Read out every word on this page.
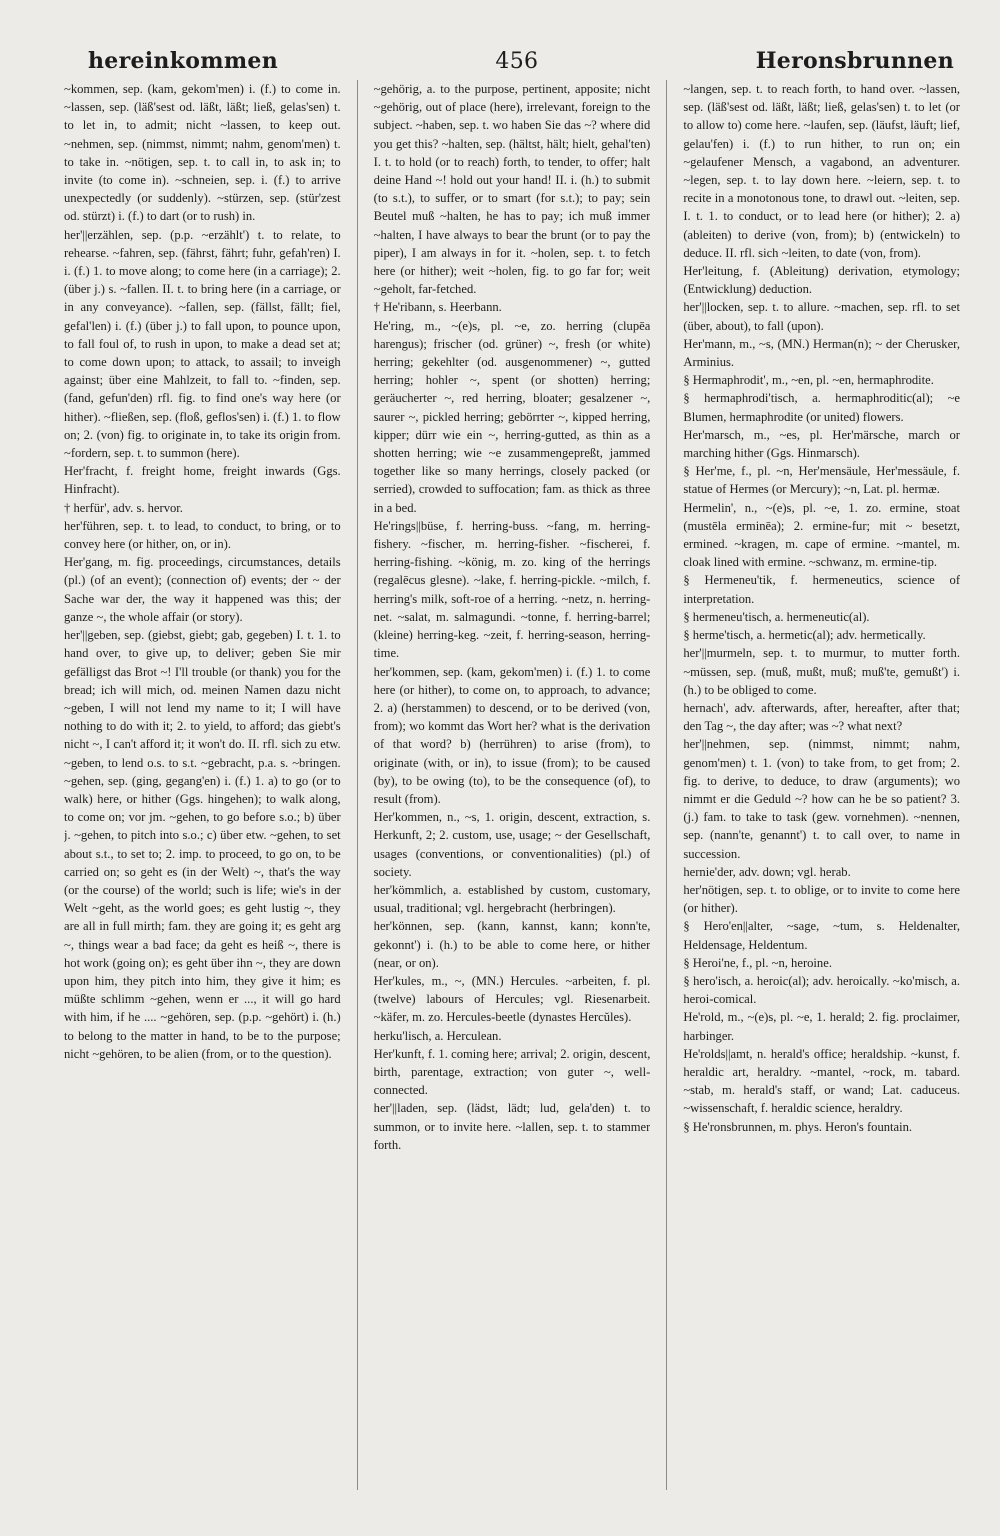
hereinkommen	456	Heronsbrunnen

~kommen, sep. (kam, gekom'men) i. (f.) to come in. ~lassen, sep. (läß'sest od. läßt, läßt; ließ, gelas'sen) t. to let in, to admit; nicht ~lassen, to keep out. ~nehmen, sep. (nimmst, nimmt; nahm, genom'men) t. to take in. ~nötigen, sep. t. to call in, to ask in; to invite (to come in). ~schneien, sep. i. (f.) to arrive unexpectedly (or suddenly). ~stürzen, sep. (stür'zest od. stürzt) i. (f.) to dart (or to rush) in.

her'||erzählen, sep. (p.p. ~erzählt') t. to relate, to rehearse. ~fahren, sep. (fährst, fährt; fuhr, gefah'ren) I. i. (f.) 1. to move along; to come here (in a carriage); 2. (über j.) s. ~fallen. II. t. to bring here (in a carriage, or in any conveyance). ~fallen, sep. (fällst, fällt; fiel, gefal'len) i. (f.) (über j.) to fall upon, to pounce upon, to fall foul of, to rush in upon, to make a dead set at; to come down upon; to attack, to assail; to inveigh against; über eine Mahlzeit, to fall to. ~finden, sep. (fand, gefun'den) rfl. fig. to find one's way here (or hither). ~fließen, sep. (floß, geflos'sen) i. (f.) 1. to flow on; 2. (von) fig. to originate in, to take its origin from. ~fordern, sep. t. to summon (here).

Her'fracht, f. freight home, freight inwards (Ggs. Hinfracht).

† herfür', adv. s. hervor.

her'führen, sep. t. to lead, to conduct, to bring, or to convey here (or hither, on, or in).

Her'gang, m. fig. proceedings, circumstances, details (pl.) (of an event); (connection of) events; der ~ der Sache war der, the way it happened was this; der ganze ~, the whole affair (or story).

her'||geben, sep. (giebst, giebt; gab, gegeben) I. t. 1. to hand over, to give up, to deliver; geben Sie mir gefälligst das Brot ~! I'll trouble (or thank) you for the bread; ich will mich, od. meinen Namen dazu nicht ~geben, I will not lend my name to it; I will have nothing to do with it; 2. to yield, to afford; das giebt's nicht ~, I can't afford it; it won't do. II. rfl. sich zu etw. ~geben, to lend o.s. to s.t. ~gebracht, p.a. s. ~bringen. ~gehen, sep. (ging, gegang'en) i. (f.) 1. a) to go (or to walk) here, or hither (Ggs. hingehen); to walk along, to come on; vor jm. ~gehen, to go before s.o.; b) über j. ~gehen, to pitch into s.o.; c) über etw. ~gehen, to set about s.t., to set to; 2. imp. to proceed, to go on, to be carried on; so geht es (in der Welt) ~, that's the way (or the course) of the world; such is life; wie's in der Welt ~geht, as the world goes; es geht lustig ~, they are all in full mirth; fam. they are going it; es geht arg ~, things wear a bad face; da geht es heiß ~, there is hot work (going on); es geht über ihn ~, they are down upon him, they pitch into him, they give it him; es müßte schlimm ~gehen, wenn er ..., it will go hard with him, if he .... ~gehören, sep. (p.p. ~gehört) i. (h.) to belong to the matter in hand, to be to the purpose; nicht ~gehören, to be alien (from, or to the question).

~gehörig, a. to the purpose, pertinent, apposite; nicht ~gehörig, out of place (here), irrelevant, foreign to the subject. ~haben, sep. t. wo haben Sie das ~? where did you get this? ~halten, sep. (hältst, hält; hielt, gehal'ten) I. t. to hold (or to reach) forth, to tender, to offer; halt deine Hand ~! hold out your hand! II. i. (h.) to submit (to s.t.), to suffer, or to smart (for s.t.); to pay; sein Beutel muß ~halten, he has to pay; ich muß immer ~halten, I have always to bear the brunt (or to pay the piper), I am always in for it. ~holen, sep. t. to fetch here (or hither); weit ~holen, fig. to go far for; weit ~geholt, far-fetched.

† He'ribann, s. Heerbann.

He'ring, m., ~(e)s, pl. ~e, zo. herring (clupēa harengus); frischer (od. grüner) ~, fresh (or white) herring; gekehlter (od. ausgenommener) ~, gutted herring; hohler ~, spent (or shotten) herring; geräucherter ~, red herring, bloater; gesalzener ~, saurer ~, pickled herring; gebörrter ~, kipped herring, kipper; dürr wie ein ~, herring-gutted, as thin as a shotten herring; wie ~e zusammengepreßt, jammed together like so many herrings, closely packed (or serried), crowded to suffocation; fam. as thick as three in a bed.

He'rings||büse, f. herring-buss. ~fang, m. herring-fishery. ~fischer, m. herring-fisher. ~fischerei, f. herring-fishing. ~könig, m. zo. king of the herrings (regalēcus glesne). ~lake, f. herring-pickle. ~milch, f. herring's milk, soft-roe of a herring. ~netz, n. herring-net. ~salat, m. salmagundi. ~tonne, f. herring-barrel; (kleine) herring-keg. ~zeit, f. herring-season, herring-time.

her'kommen, sep. (kam, gekom'men) i. (f.) 1. to come here (or hither), to come on, to approach, to advance; 2. a) (herstammen) to descend, or to be derived (von, from); wo kommt das Wort her? what is the derivation of that word? b) (herrühren) to arise (from), to originate (with, or in), to issue (from); to be caused (by), to be owing (to), to be the consequence (of), to result (from).

Her'kommen, n., ~s, 1. origin, descent, extraction, s. Herkunft, 2; 2. custom, use, usage; ~ der Gesellschaft, usages (conventions, or conventionalities) (pl.) of society.

her'kömmlich, a. established by custom, customary, usual, traditional; vgl. hergebracht (herbringen).

her'können, sep. (kann, kannst, kann; konn'te, gekonnt') i. (h.) to be able to come here, or hither (near, or on).

Her'kules, m., ~, (MN.) Hercules. ~arbeiten, f. pl. (twelve) labours of Hercules; vgl. Riesenarbeit. ~käfer, m. zo. Hercules-beetle (dynastes Hercŭles).

herku'lisch, a. Herculean.

Her'kunft, f. 1. coming here; arrival; 2. origin, descent, birth, parentage, extraction; von guter ~, well-connected.

her'||laden, sep. (lädst, lädt; lud, gela'den) t. to summon, or to invite here. ~lallen, sep. t. to stammer forth.

~langen, sep. t. to reach forth, to hand over. ~lassen, sep. (läß'sest od. läßt, läßt; ließ, gelas'sen) t. to let (or to allow to) come here. ~laufen, sep. (läufst, läuft; lief, gelau'fen) i. (f.) to run hither, to run on; ein ~gelaufener Mensch, a vagabond, an adventurer. ~legen, sep. t. to lay down here. ~leiern, sep. t. to recite in a monotonous tone, to drawl out. ~leiten, sep. I. t. 1. to conduct, or to lead here (or hither); 2. a) (ableiten) to derive (von, from); b) (entwickeln) to deduce. II. rfl. sich ~leiten, to date (von, from).

Her'leitung, f. (Ableitung) derivation, etymology; (Entwicklung) deduction.

her'||locken, sep. t. to allure. ~machen, sep. rfl. to set (über, about), to fall (upon).

Her'mann, m., ~s, (MN.) Herman(n); ~ der Cherusker, Arminius.

§ Hermaphrodit', m., ~en, pl. ~en, hermaphrodite.

§ hermaphrodi'tisch, a. hermaphroditic(al); ~e Blumen, hermaphrodite (or united) flowers.

Her'marsch, m., ~es, pl. Her'märsche, march or marching hither (Ggs. Hinmarsch).

§ Her'me, f., pl. ~n, Her'mensäule, Her'messäule, f. statue of Hermes (or Mercury); ~n, Lat. pl. hermæ.

Hermelin', n., ~(e)s, pl. ~e, 1. zo. ermine, stoat (mustēla erminēa); 2. ermine-fur; mit ~ besetzt, ermined. ~kragen, m. cape of ermine. ~mantel, m. cloak lined with ermine. ~schwanz, m. ermine-tip.

§ Hermeneu'tik, f. hermeneutics, science of interpretation.

§ hermeneu'tisch, a. hermeneutic(al).

§ herme'tisch, a. hermetic(al); adv. hermetically.

her'||murmeln, sep. t. to murmur, to mutter forth. ~müssen, sep. (muß, mußt, muß; muß'te, gemußt') i. (h.) to be obliged to come.

hernach', adv. afterwards, after, hereafter, after that; den Tag ~, the day after; was ~? what next?

her'||nehmen, sep. (nimmst, nimmt; nahm, genom'men) t. 1. (von) to take from, to get from; 2. fig. to derive, to deduce, to draw (arguments); wo nimmt er die Geduld ~? how can he be so patient? 3. (j.) fam. to take to task (gew. vornehmen). ~nennen, sep. (nann'te, genannt') t. to call over, to name in succession.

hernie'der, adv. down; vgl. herab.

her'nötigen, sep. t. to oblige, or to invite to come here (or hither).

§ Hero'en||alter, ~sage, ~tum, s. Heldenalter, Heldensage, Heldentum.

§ Heroi'ne, f., pl. ~n, heroine.

§ hero'isch, a. heroic(al); adv. heroically. ~ko'misch, a. heroi-comical.

He'rold, m., ~(e)s, pl. ~e, 1. herald; 2. fig. proclaimer, harbinger.

He'rolds||amt, n. herald's office; heraldship. ~kunst, f. heraldic art, heraldry. ~mantel, ~rock, m. tabard. ~stab, m. herald's staff, or wand; Lat. caduceus. ~wissenschaft, f. heraldic science, heraldry.

§ He'ronsbrunnen, m. phys. Heron's fountain.
